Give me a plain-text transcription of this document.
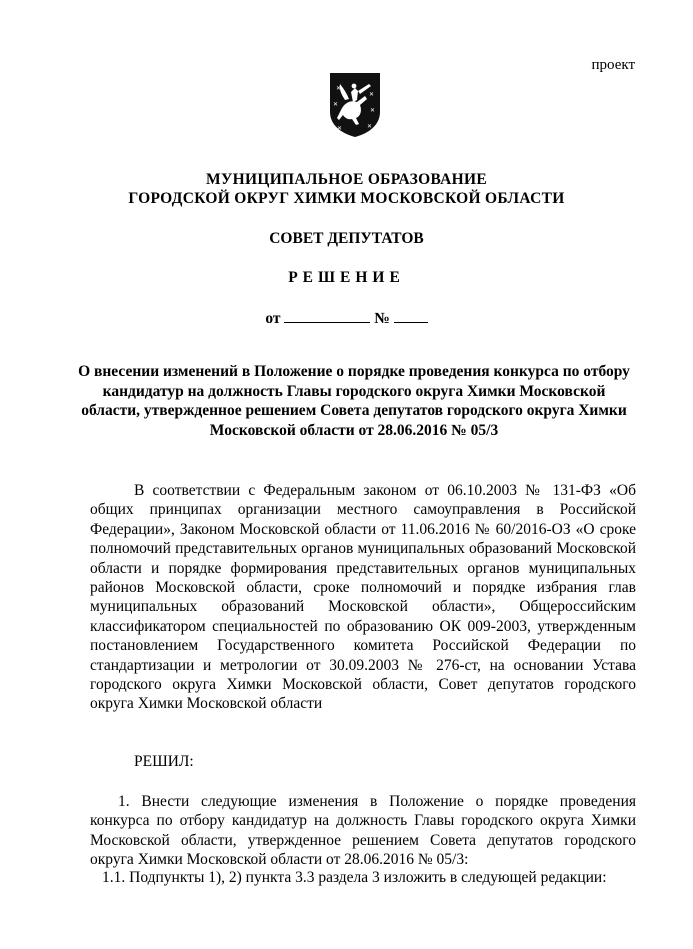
проект
✕
✕
✕	✕
✕
✕
МУНИЦИПАЛЬНОЕ ОБРАЗОВАНИЕ
ГОРОДСКОЙ ОКРУГ ХИМКИ МОСКОВСКОЙ ОБЛАСТИ
СОВЕТ ДЕПУТАТОВ
РЕШЕНИЕ
от	№
О внесении изменений в Положение о порядке проведения конкурса по отбору кандидатур на должность Главы городского округа Химки Московской области, утвержденное решением Совета депутатов городского округа Химки Московской области от 28.06.2016 № 05/3
В соответствии с Федеральным законом от 06.10.2003 № 131-ФЗ «Об общих принципах организации местного самоуправления в Российской Федерации», Законом Московской области от 11.06.2016 № 60/2016-ОЗ «О сроке полномочий представительных органов муниципальных образований Московской области и порядке формирования представительных органов муниципальных районов Московской области, сроке полномочий и порядке избрания глав муниципальных образований Московской области», Общероссийским классификатором специальностей по образованию ОК 009-2003, утвержденным постановлением Государственного комитета Российской Федерации по стандартизации и метрологии от 30.09.2003 № 276-ст, на основании Устава городского округа Химки Московской области, Совет депутатов городского округа Химки Московской области
РЕШИЛ:
1. Внести следующие изменения в Положение о порядке проведения конкурса по отбору кандидатур на должность Главы городского округа Химки Московской области, утвержденное решением Совета депутатов городского округа Химки Московской области от 28.06.2016 № 05/3:
1.1. Подпункты 1), 2) пункта 3.3 раздела 3 изложить в следующей редакции:
